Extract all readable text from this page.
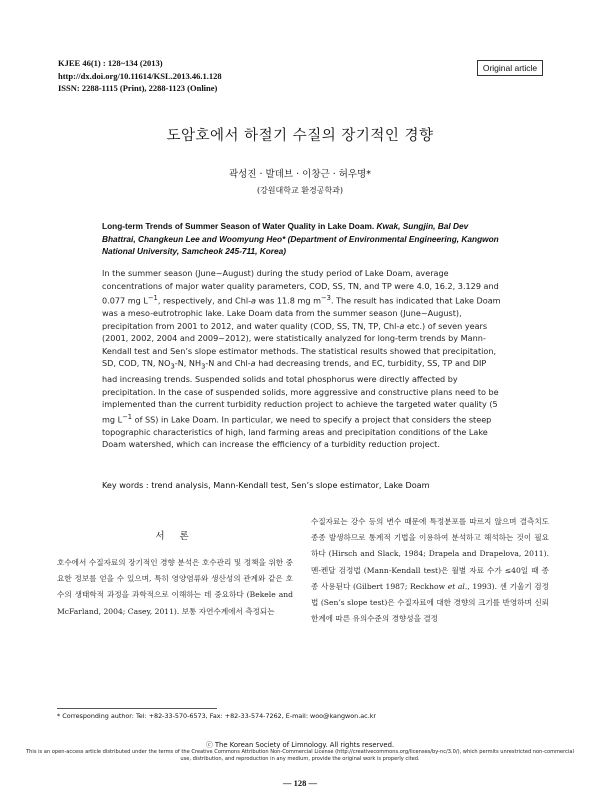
KJEE 46(1) : 128~134 (2013)
http://dx.doi.org/10.11614/KSL.2013.46.1.128
ISSN: 2288-1115 (Print), 2288-1123 (Online)
Original article
도암호에서 하절기 수질의 장기적인 경향
곽성진 · 발데브 · 이창근 · 허우명*
(강원대학교 환경공학과)
Long-term Trends of Summer Season of Water Quality in Lake Doam. Kwak, Sungjin, Bal Dev Bhattrai, Changkeun Lee and Woomyung Heo* (Department of Environmental Engineering, Kangwon National University, Samcheok 245-711, Korea)
In the summer season (June~August) during the study period of Lake Doam, average concentrations of major water quality parameters, COD, SS, TN, and TP were 4.0, 16.2, 3.129 and 0.077 mg $L^{-1}$, respectively, and Chl-a was 11.8 mg $m^{-3}$. The result has indicated that Lake Doam was a meso-eutrotrophic lake. Lake Doam data from the summer season (June~August), precipitation from 2001 to 2012, and water quality (COD, SS, TN, TP, Chl-a etc.) of seven years (2001, 2002, 2004 and 2009~2012), were statistically analyzed for long-term trends by Mann-Kendall test and Sen’s slope estimator methods. The statistical results showed that precipitation, SD, COD, TN, $NO_3-N$, $NH_3-N$ and Chl-a had decreasing trends, and EC, turbidity, SS, TP and DIP had increasing trends. Suspended solids and total phosphorus were directly affected by precipitation. In the case of suspended solids, more aggressive and constructive plans need to be implemented than the current turbidity reduction project to achieve the targeted water quality (5 mg $L^{-1}$ of SS) in Lake Doam. In particular, we need to specify a project that considers the steep topographic characteristics of high, land farming areas and precipitation conditions of the Lake Doam watershed, which can increase the efficiency of a turbidity reduction project.
Key words : trend analysis, Mann-Kendall test, Sen’s slope estimator, Lake Doam
서 론
호수에서 수질자료의 장기적인 경향 분석은 호수관리 및 정책을 위한 중요한 정보를 얻을 수 있으며, 특히 영양염류와 생산성의 관계와 같은 호수의 생태학적 과정을 과학적으로 이해하는 데 중요하다 (Bekele and McFarland, 2004; Casey, 2011). 보통 자연수계에서 측정되는
수질자료는 강수 등의 변수 때문에 특정분포를 따르지 않으며 결측치도 종종 발생하므로 통계적 기법을 이용하여 분석하고 해석하는 것이 필요하다 (Hirsch and Slack, 1984; Drapela and Drapelova, 2011). 멘-켄달 검정법 (Mann-Kendall test)은 월별 자료 수가 ≤40일 때 종종 사용된다 (Gilbert 1987; Reckhow et al., 1993). 센 기울기 검정법 (Sen’s slope test)은 수질자료에 대한 경향의 크기를 반영하며 신뢰한계에 따른 유의수준의 경향성을 결정
* Corresponding author: Tel: +82-33-570-6573, Fax: +82-33-574-7262, E-mail: woo@kangwon.ac.kr
ⓒ The Korean Society of Limnology. All rights reserved.
This is an open-access article distributed under the terms of the Creative Commons Attribution Non-Commercial License (http://creativecommons.org/licenses/by-nc/3.0/), which permits unrestricted non-commercial use, distribution, and reproduction in any medium, provide the original work is properly cited.
— 128 —
